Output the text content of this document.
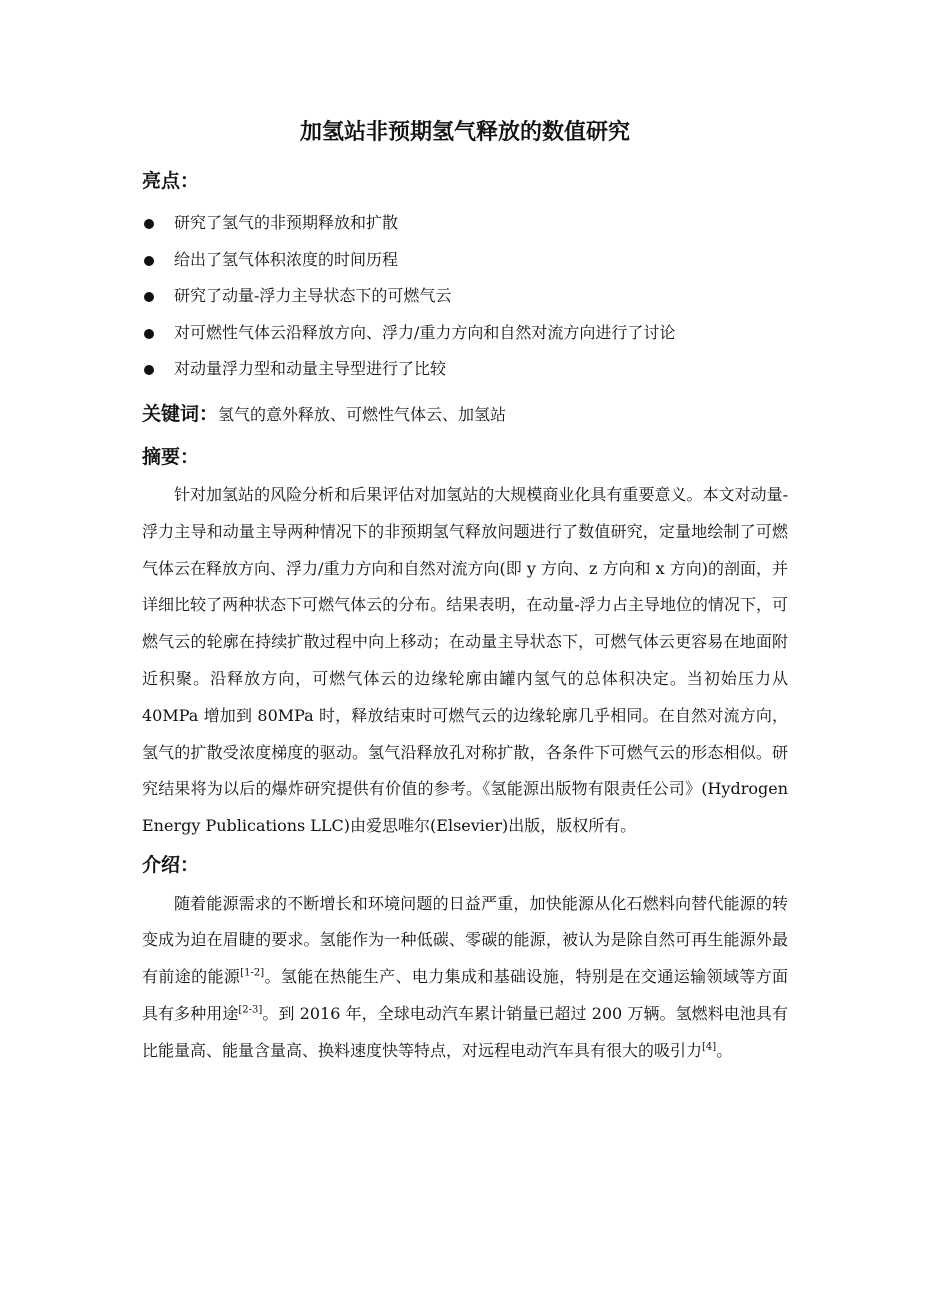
加氢站非预期氢气释放的数值研究
亮点：
研究了氢气的非预期释放和扩散
给出了氢气体积浓度的时间历程
研究了动量-浮力主导状态下的可燃气云
对可燃性气体云沿释放方向、浮力/重力方向和自然对流方向进行了讨论
对动量浮力型和动量主导型进行了比较

关键词：氢气的意外释放、可燃性气体云、加氢站

摘要：

针对加氢站的风险分析和后果评估对加氢站的大规模商业化具有重要意义。本文对动量-浮力主导和动量主导两种情况下的非预期氢气释放问题进行了数值研究，定量地绘制了可燃气体云在释放方向、浮力/重力方向和自然对流方向(即 y 方向、z 方向和 x 方向)的剖面，并详细比较了两种状态下可燃气体云的分布。结果表明，在动量-浮力占主导地位的情况下，可燃气云的轮廓在持续扩散过程中向上移动；在动量主导状态下，可燃气体云更容易在地面附近积聚。沿释放方向，可燃气体云的边缘轮廓由罐内氢气的总体积决定。当初始压力从 40MPa 增加到 80MPa 时，释放结束时可燃气云的边缘轮廓几乎相同。在自然对流方向，氢气的扩散受浓度梯度的驱动。氢气沿释放孔对称扩散，各条件下可燃气云的形态相似。研究结果将为以后的爆炸研究提供有价值的参考。《氢能源出版物有限责任公司》(Hydrogen Energy Publications LLC)由爱思唯尔(Elsevier)出版，版权所有。

介绍：

随着能源需求的不断增长和环境问题的日益严重，加快能源从化石燃料向替代能源的转变成为迫在眉睫的要求。氢能作为一种低碳、零碳的能源，被认为是除自然可再生能源外最有前途的能源[1-2]。氢能在热能生产、电力集成和基础设施，特别是在交通运输领域等方面具有多种用途[2-3]。到 2016 年，全球电动汽车累计销量已超过 200 万辆。氢燃料电池具有比能量高、能量含量高、换料速度快等特点，对远程电动汽车具有很大的吸引力[4]。
